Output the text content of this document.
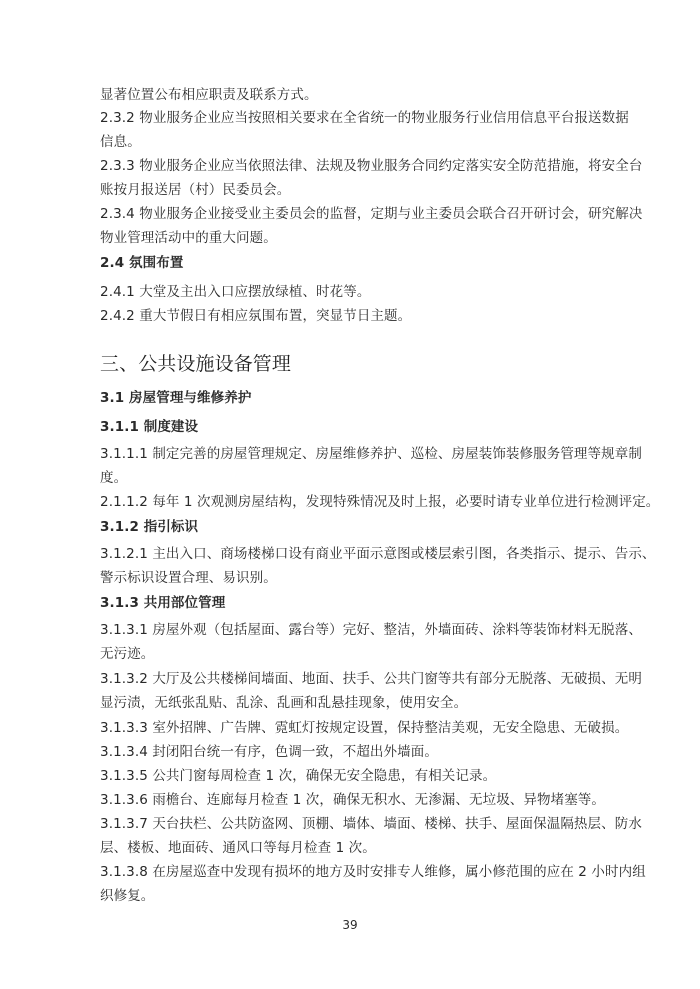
显著位置公布相应职责及联系方式。

2.3.2 物业服务企业应当按照相关要求在全省统一的物业服务行业信用信息平台报送数据

信息。

2.3.3 物业服务企业应当依照法律、法规及物业服务合同约定落实安全防范措施，将安全台

账按月报送居（村）民委员会。

2.3.4 物业服务企业接受业主委员会的监督，定期与业主委员会联合召开研讨会，研究解决

物业管理活动中的重大问题。

2.4 氛围布置

2.4.1 大堂及主出入口应摆放绿植、时花等。

2.4.2 重大节假日有相应氛围布置，突显节日主题。

三、公共设施设备管理

3.1 房屋管理与维修养护

3.1.1 制度建设

3.1.1.1 制定完善的房屋管理规定、房屋维修养护、巡检、房屋装饰装修服务管理等规章制

度。

2.1.1.2 每年 1 次观测房屋结构，发现特殊情况及时上报，必要时请专业单位进行检测评定。

3.1.2 指引标识

3.1.2.1 主出入口、商场楼梯口设有商业平面示意图或楼层索引图，各类指示、提示、告示、

警示标识设置合理、易识别。

3.1.3 共用部位管理

3.1.3.1 房屋外观（包括屋面、露台等）完好、整洁，外墙面砖、涂料等装饰材料无脱落、

无污迹。

3.1.3.2 大厅及公共楼梯间墙面、地面、扶手、公共门窗等共有部分无脱落、无破损、无明

显污渍，无纸张乱贴、乱涂、乱画和乱悬挂现象，使用安全。

3.1.3.3 室外招牌、广告牌、霓虹灯按规定设置，保持整洁美观，无安全隐患、无破损。

3.1.3.4 封闭阳台统一有序，色调一致，不超出外墙面。

3.1.3.5 公共门窗每周检查 1 次，确保无安全隐患，有相关记录。

3.1.3.6 雨檐台、连廊每月检查 1 次，确保无积水、无渗漏、无垃圾、异物堵塞等。

3.1.3.7 天台扶栏、公共防盗网、顶棚、墙体、墙面、楼梯、扶手、屋面保温隔热层、防水

层、楼板、地面砖、通风口等每月检查 1 次。

3.1.3.8 在房屋巡查中发现有损坏的地方及时安排专人维修，属小修范围的应在 2 小时内组

织修复。

39
